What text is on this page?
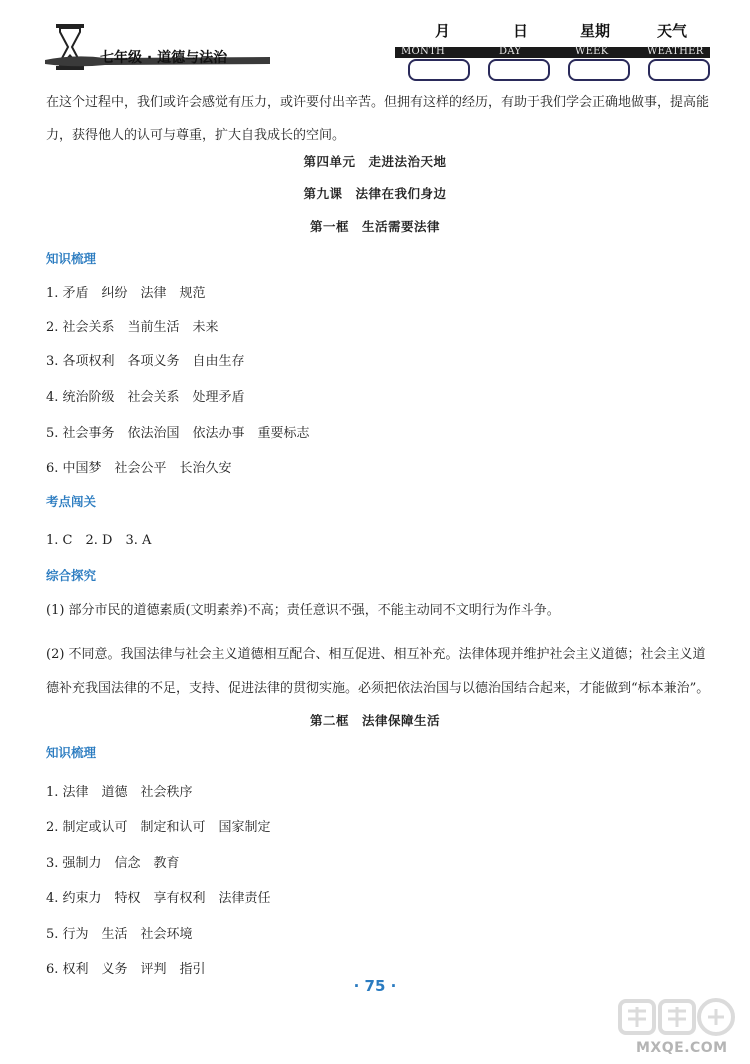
七年级 · 道德与法治
月	日	星期	天气
MONTH	DAY	WEEK	WEATHER

在这个过程中，我们或许会感觉有压力，或许要付出辛苦。但拥有这样的经历，有助于我们学会正确地做事，提高能力，获得他人的认可与尊重，扩大自我成长的空间。

第四单元　走进法治天地
第九课　法律在我们身边
第一框　生活需要法律
知识梳理
1. 矛盾　纠纷　法律　规范
2. 社会关系　当前生活　未来
3. 各项权利　各项义务　自由生存
4. 统治阶级　社会关系　处理矛盾
5. 社会事务　依法治国　依法办事　重要标志
6. 中国梦　社会公平　长治久安
考点闯关
1. C　2. D　3. A
综合探究

(1) 部分市民的道德素质(文明素养)不高；责任意识不强，不能主动同不文明行为作斗争。

(2) 不同意。我国法律与社会主义道德相互配合、相互促进、相互补充。法律体现并维护社会主义道德；社会主义道德补充我国法律的不足，支持、促进法律的贯彻实施。必须把依法治国与以德治国结合起来，才能做到“标本兼治”。

第二框　法律保障生活
知识梳理
1. 法律　道德　社会秩序
2. 制定或认可　制定和认可　国家制定
3. 强制力　信念　教育
4. 约束力　特权　享有权利　法律责任
5. 行为　生活　社会环境
6. 权利　义务　评判　指引
· 75 ·
MXQE.COM
